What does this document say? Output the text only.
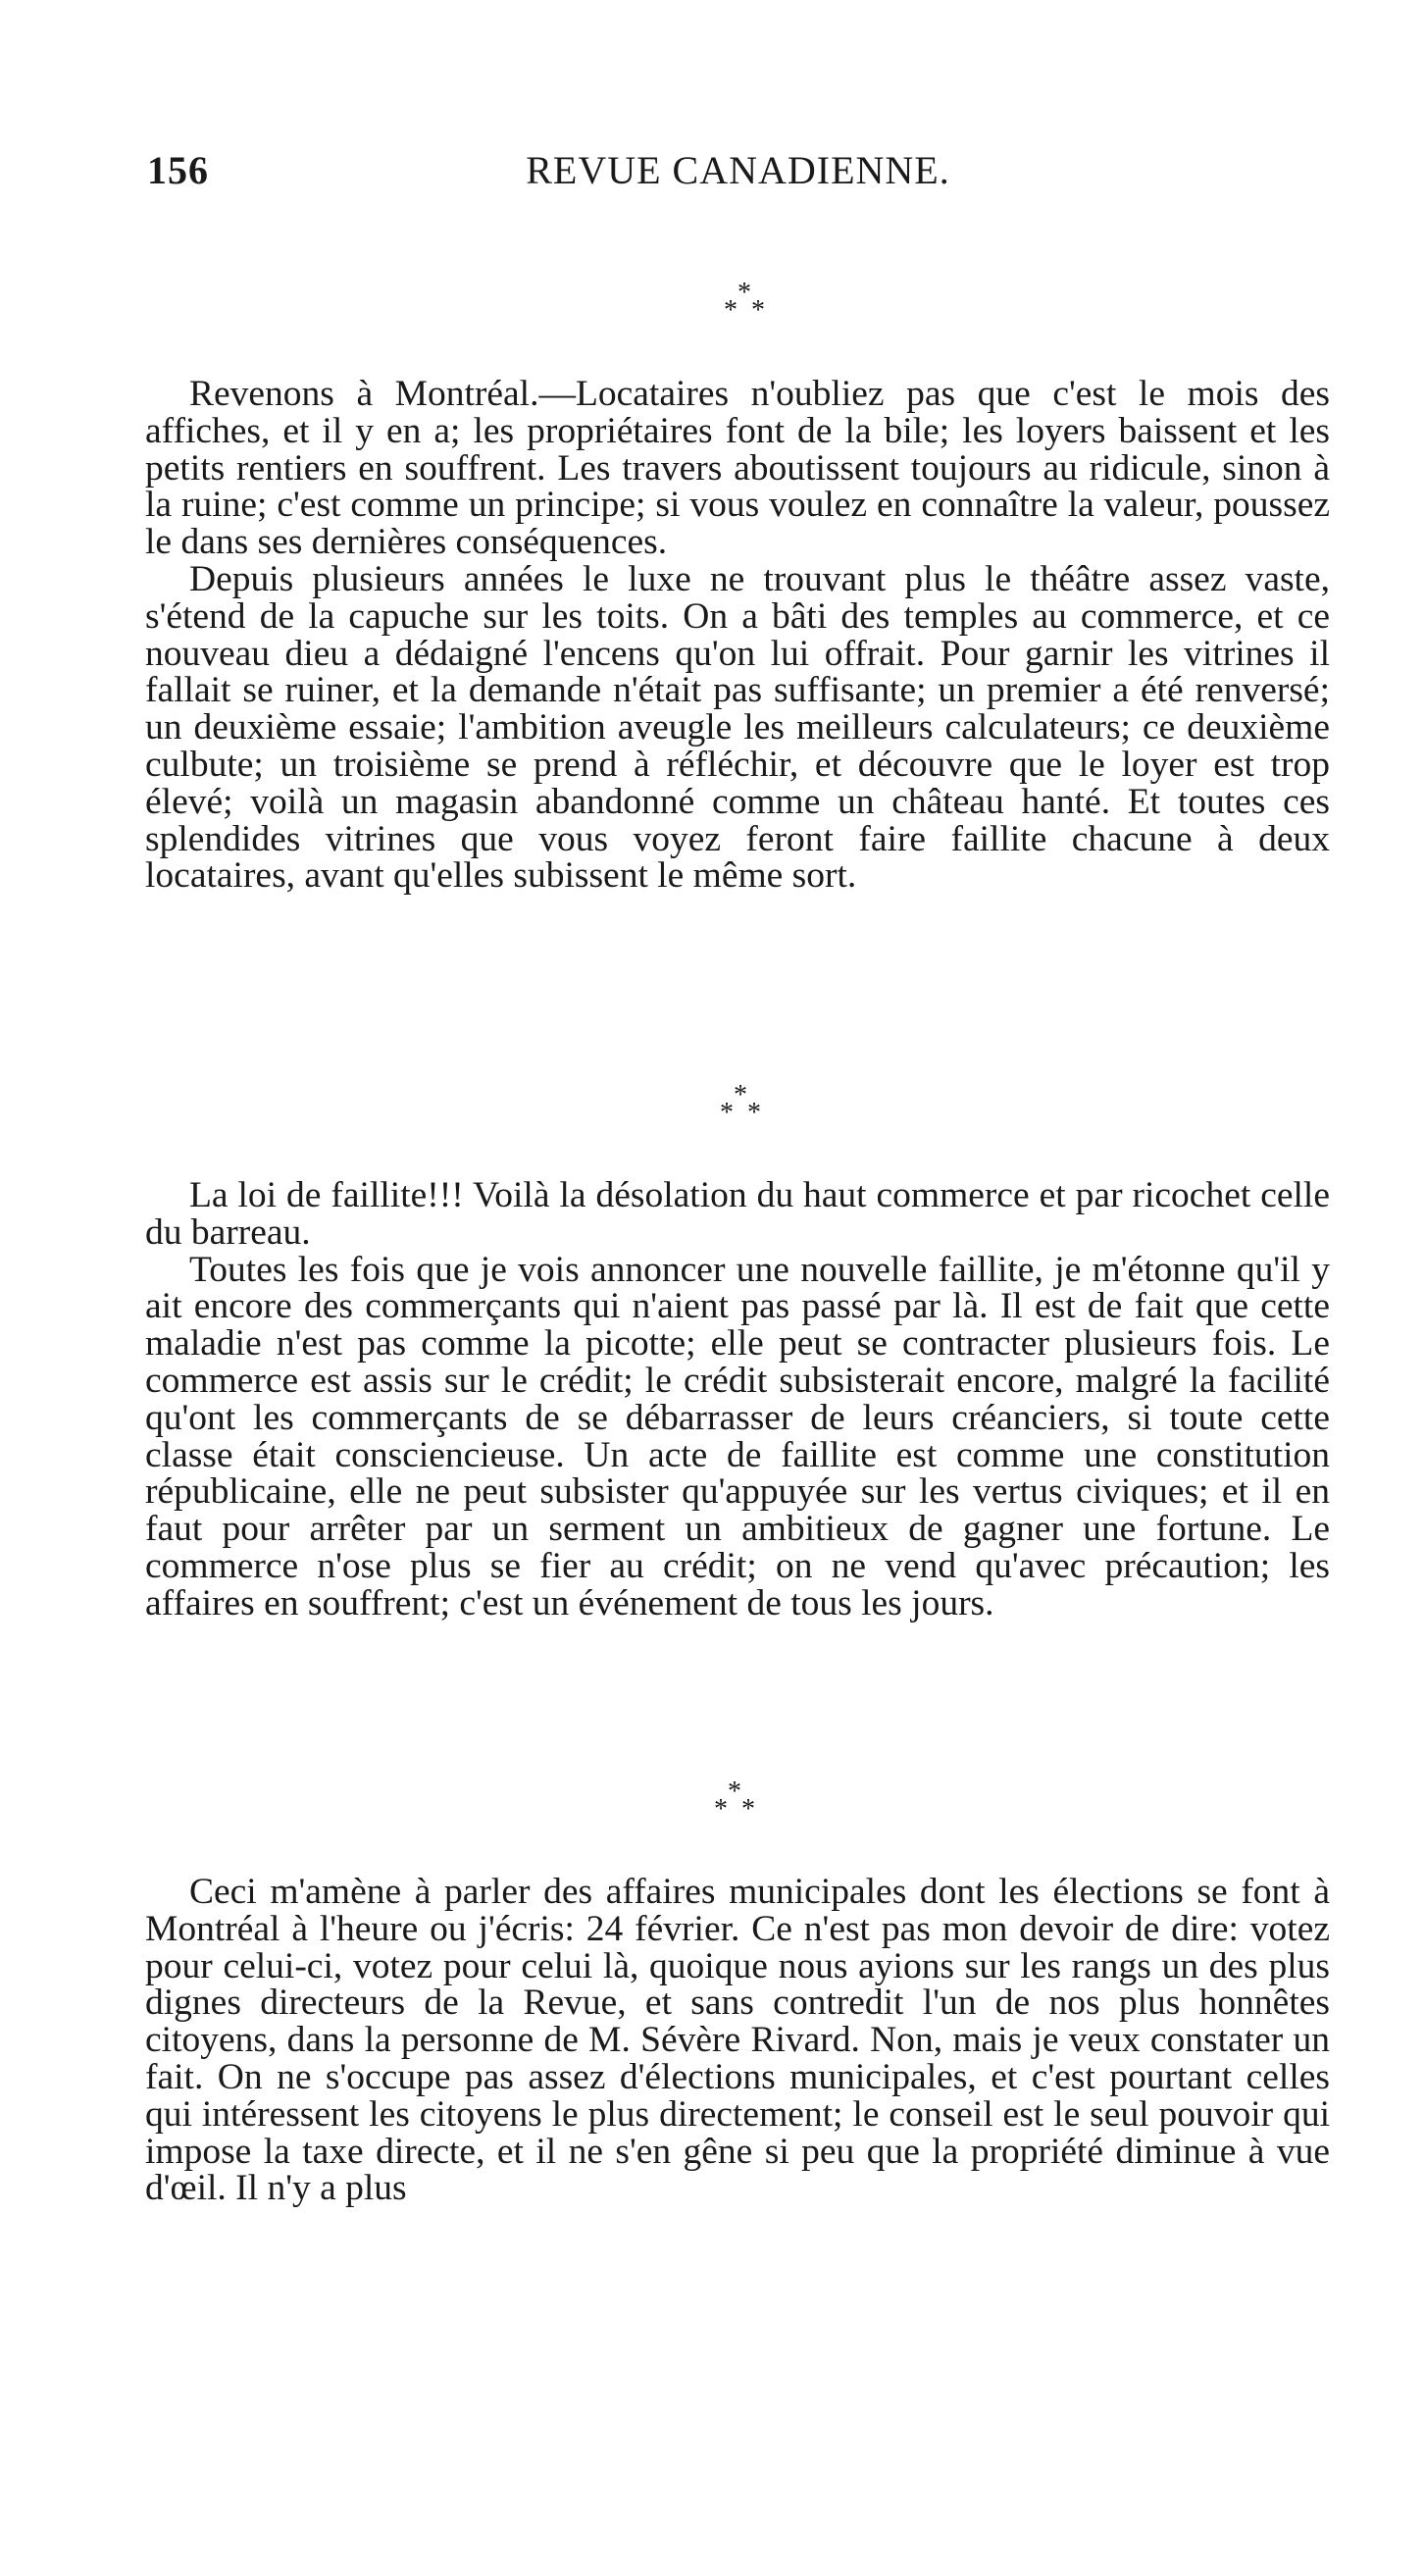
156	REVUE CANADIENNE.
*
* *

Revenons à Montréal.—Locataires n'oubliez pas que c'est le mois des affiches, et il y en a; les propriétaires font de la bile; les loyers baissent et les petits rentiers en souffrent. Les travers aboutissent toujours au ridicule, sinon à la ruine; c'est comme un principe; si vous voulez en connaître la valeur, poussez le dans ses dernières conséquences.

Depuis plusieurs années le luxe ne trouvant plus le théâtre assez vaste, s'étend de la capuche sur les toits. On a bâti des temples au commerce, et ce nouveau dieu a dédaigné l'encens qu'on lui offrait. Pour garnir les vitrines il fallait se ruiner, et la demande n'était pas suffisante; un premier a été renversé; un deuxième essaie; l'ambition aveugle les meilleurs calculateurs; ce deuxième culbute; un troisième se prend à réfléchir, et découvre que le loyer est trop élevé; voilà un magasin abandonné comme un château hanté. Et toutes ces splendides vitrines que vous voyez feront faire faillite chacune à deux locataires, avant qu'elles subissent le même sort.

*
* *

La loi de faillite!!! Voilà la désolation du haut commerce et par ricochet celle du barreau.

Toutes les fois que je vois annoncer une nouvelle faillite, je m'étonne qu'il y ait encore des commerçants qui n'aient pas passé par là. Il est de fait que cette maladie n'est pas comme la picotte; elle peut se contracter plusieurs fois. Le commerce est assis sur le crédit; le crédit subsisterait encore, malgré la facilité qu'ont les commerçants de se débarrasser de leurs créanciers, si toute cette classe était consciencieuse. Un acte de faillite est comme une constitution républicaine, elle ne peut subsister qu'appuyée sur les vertus civiques; et il en faut pour arrêter par un serment un ambitieux de gagner une fortune. Le commerce n'ose plus se fier au crédit; on ne vend qu'avec précaution; les affaires en souffrent; c'est un événement de tous les jours.

*
* *

Ceci m'amène à parler des affaires municipales dont les élections se font à Montréal à l'heure ou j'écris: 24 février. Ce n'est pas mon devoir de dire: votez pour celui-ci, votez pour celui là, quoique nous ayions sur les rangs un des plus dignes directeurs de la Revue, et sans contredit l'un de nos plus honnêtes citoyens, dans la personne de M. Sévère Rivard. Non, mais je veux constater un fait. On ne s'occupe pas assez d'élections municipales, et c'est pourtant celles qui intéressent les citoyens le plus directement; le conseil est le seul pouvoir qui impose la taxe directe, et il ne s'en gêne si peu que la propriété diminue à vue d'œil. Il n'y a plus
